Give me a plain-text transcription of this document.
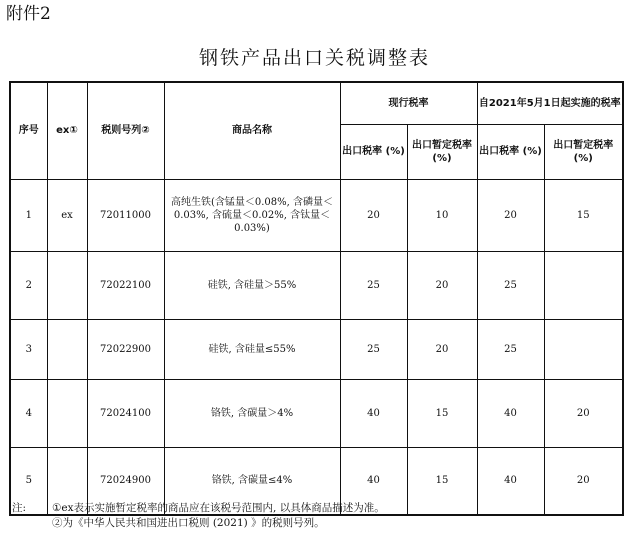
附件2
钢铁产品出口关税调整表
序号	ex①	税则号列②	商品名称	现行税率		自2021年5月1日起实施的税率	
				出口税率 (%)	出口暂定税率 (%)	出口税率 (%)	出口暂定税率 (%)
1	ex	72011000	高纯生铁(含锰量＜0.08%, 含磷量＜0.03%, 含硫量＜0.02%, 含钛量＜0.03%)	20	10	20	15
2		72022100	硅铁, 含硅量＞55%	25	20	25	
3		72022900	硅铁, 含硅量≤55%	25	20	25	
4		72024100	铬铁, 含碳量＞4%	40	15	40	20
5		72024900	铬铁, 含碳量≤4%	40	15	40	20
注: ①ex表示实施暂定税率的商品应在该税号范围内, 以具体商品描述为准。
②为《中华人民共和国进出口税则 (2021) 》的税则号列。
